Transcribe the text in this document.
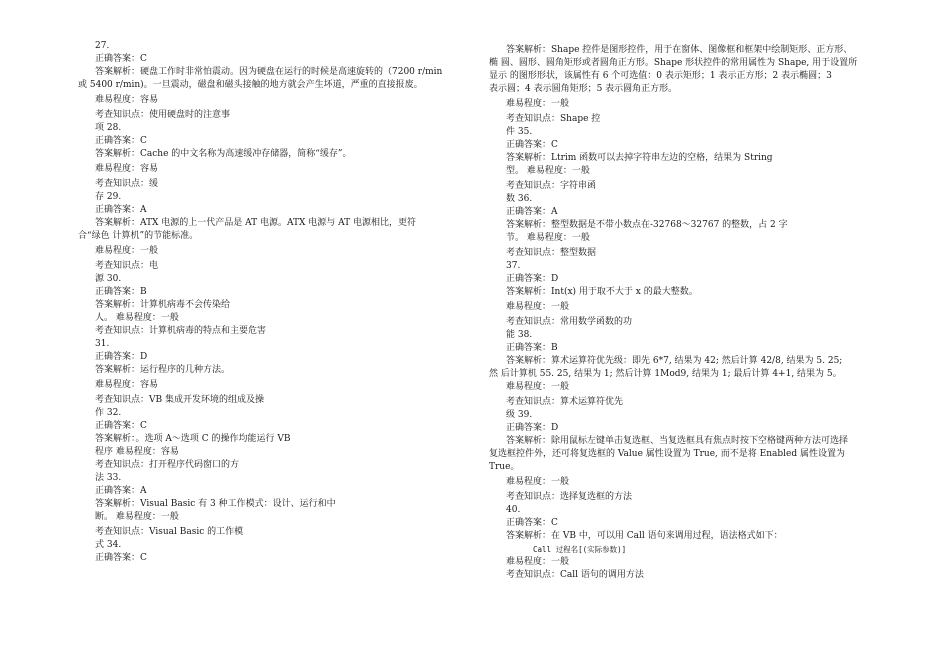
27.
正确答案：C
答案解析：硬盘工作时非常怕震动。因为硬盘在运行的时候是高速旋转的（7200 r/min
或 5400 r/min)。一旦震动，磁盘和磁头接触的地方就会产生坏道，严重的直接报废。
难易程度：容易
考查知识点：使用硬盘时的注意事
项 28.
正确答案：C
答案解析：Cache 的中文名称为高速缓冲存储器，简称“缓存”。
难易程度：容易
考查知识点：缓
存 29.
正确答案：A
答案解析：ATX 电源的上一代产品是 AT 电源。ATX 电源与 AT 电源相比，更符
合“绿色 计算机”的节能标准。
难易程度：一般
考查知识点：电
源 30.
正确答案：B
答案解析：计算机病毒不会传染给
人。 难易程度：一般
考查知识点：计算机病毒的特点和主要危害
31.
正确答案：D
答案解析：运行程序的几种方法。
难易程度：容易
考查知识点：VB 集成开发环境的组成及操
作 32.
正确答案：C
答案解析：。选项 A～选项 C 的操作均能运行 VB
程序 难易程度：容易
考查知识点：打开程序代码窗口的方
法 33.
正确答案：A
答案解析：Visual Basic 有 3 种工作模式：设计、运行和中
断。 难易程度：一般
考查知识点：Visual Basic 的工作模
式 34.
正确答案：C
答案解析：Shape 控件是图形控件，用于在窗体、图像框和框架中绘制矩形、正方形、
椭 圆、圆形、圆角矩形或者圆角正方形。Shape 形状控件的常用属性为 Shape, 用于设置所
显示 的图形形状，该属性有 6 个可选值：0 表示矩形；1 表示正方形；2 表示椭圆；3
表示圆；4 表示圆角矩形；5 表示圆角正方形。
难易程度：一般
考查知识点：Shape 控
件 35.
正确答案：C
答案解析：Ltrim 函数可以去掉字符串左边的空格，结果为 String
型。 难易程度：一般
考查知识点：字符串函
数 36.
正确答案：A
答案解析：整型数据是不带小数点在-32768～32767 的整数，占 2 字
节。 难易程度：一般
考查知识点：整型数据
37.
正确答案：D
答案解析：Int(x) 用于取不大于 x 的最大整数。
难易程度：一般
考查知识点：常用数学函数的功
能 38.
正确答案：B
答案解析：算术运算符优先级：即先 6*7, 结果为 42; 然后计算 42/8, 结果为 5. 25;
然 后计算机 55. 25, 结果为 1; 然后计算 1Mod9, 结果为 1; 最后计算 4+1, 结果为 5。
难易程度：一般
考查知识点：算术运算符优先
级 39.
正确答案：D
答案解析：除用鼠标左键单击复选框、当复选框具有焦点时按下空格键两种方法可选择
复选框控件外，还可将复选框的 Value 属性设置为 True, 而不是将 Enabled 属性设置为
True。
难易程度：一般
考查知识点：选择复选框的方法
40.
正确答案：C
答案解析：在 VB 中，可以用 Call 语句来调用过程，语法格式如下：
Call 过程名[(实际参数)]
难易程度：一般
考查知识点：Call 语句的调用方法
